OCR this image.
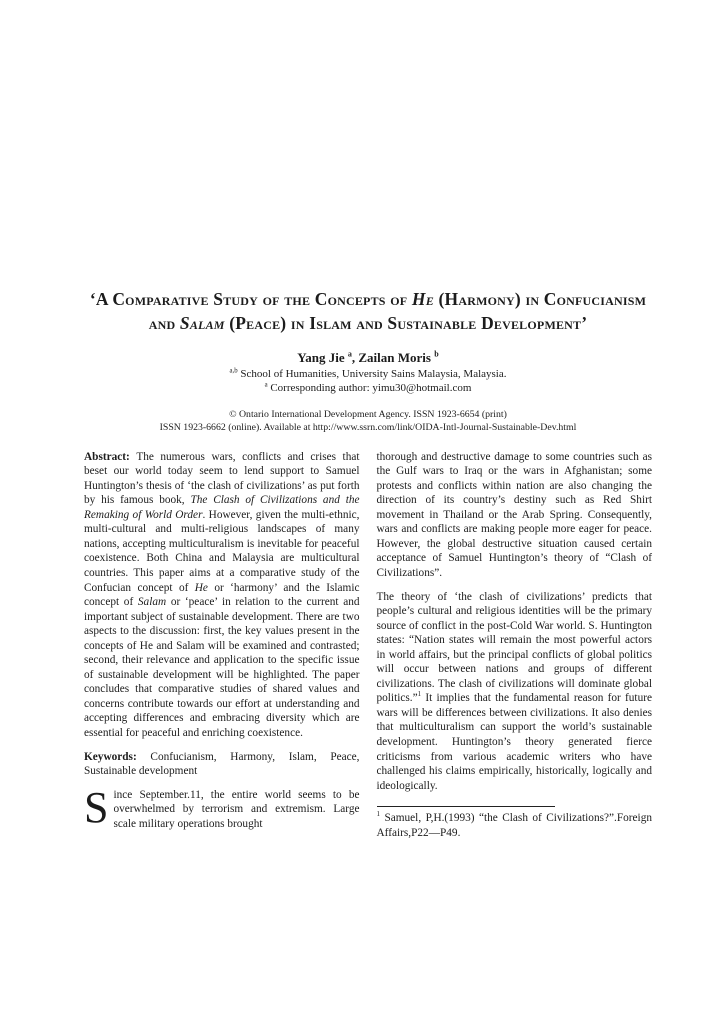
‘A Comparative Study of the Concepts of He (Harmony) in Confucianism and Salam (Peace) in Islam and Sustainable Development’
Yang Jie $^a$, Zailan Moris $^b$
$^{a,b}$ School of Humanities, University Sains Malaysia, Malaysia.
$^a$ Corresponding author: yimu30@hotmail.com
© Ontario International Development Agency. ISSN 1923-6654 (print)
ISSN 1923-6662 (online). Available at http://www.ssrn.com/link/OIDA-Intl-Journal-Sustainable-Dev.html

Abstract: The numerous wars, conflicts and crises that beset our world today seem to lend support to Samuel Huntington’s thesis of ‘the clash of civilizations’ as put forth by his famous book, The Clash of Civilizations and the Remaking of World Order. However, given the multi-ethnic, multi-cultural and multi-religious landscapes of many nations, accepting multiculturalism is inevitable for peaceful coexistence. Both China and Malaysia are multicultural countries. This paper aims at a comparative study of the Confucian concept of He or ‘harmony’ and the Islamic concept of Salam or ‘peace’ in relation to the current and important subject of sustainable development. There are two aspects to the discussion: first, the key values present in the concepts of He and Salam will be examined and contrasted; second, their relevance and application to the specific issue of sustainable development will be highlighted. The paper concludes that comparative studies of shared values and concerns contribute towards our effort at understanding and accepting differences and embracing diversity which are essential for peaceful and enriching coexistence.

Keywords: Confucianism, Harmony, Islam, Peace, Sustainable development

Since September.11, the entire world seems to be overwhelmed by terrorism and extremism. Large scale military operations brought

thorough and destructive damage to some countries such as the Gulf wars to Iraq or the wars in Afghanistan; some protests and conflicts within nation are also changing the direction of its country’s destiny such as Red Shirt movement in Thailand or the Arab Spring. Consequently, wars and conflicts are making people more eager for peace. However, the global destructive situation caused certain acceptance of Samuel Huntington’s theory of “Clash of Civilizations”.

The theory of ‘the clash of civilizations’ predicts that people’s cultural and religious identities will be the primary source of conflict in the post-Cold War world. S. Huntington states: “Nation states will remain the most powerful actors in world affairs, but the principal conflicts of global politics will occur between nations and groups of different civilizations. The clash of civilizations will dominate global politics.”$^1$ It implies that the fundamental reason for future wars will be differences between civilizations. It also denies that multiculturalism can support the world’s sustainable development. Huntington’s theory generated fierce criticisms from various academic writers who have challenged his claims empirically, historically, logically and ideologically.

$^1$ Samuel, P,H.(1993) “the Clash of Civilizations?”.Foreign Affairs,P22—P49.
